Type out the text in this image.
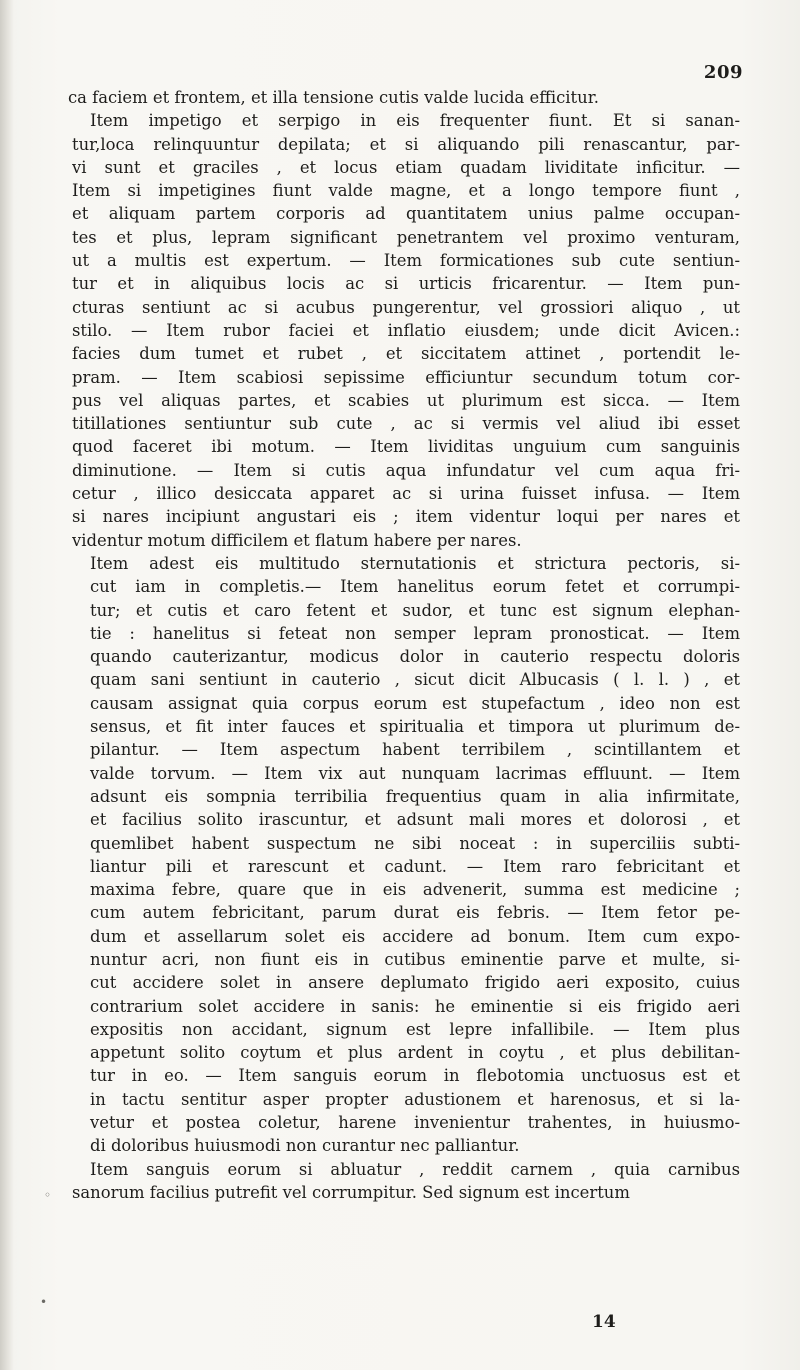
209
ca faciem et frontem, et illa tensione cutis valde lucida efficitur.
Item impetigo et serpigo in eis frequenter fiunt. Et si sanan-
tur,loca relinquuntur depilata; et si aliquando pili renascantur, par-
vi sunt et graciles , et locus etiam quadam lividitate inficitur. —
Item si impetigines fiunt valde magne, et a longo tempore fiunt ,
et aliquam partem corporis ad quantitatem unius palme occupan-
tes et plus, lepram significant penetrantem vel proximo venturam,
ut a multis est expertum. — Item formicationes sub cute sentiun-
tur et in aliquibus locis ac si urticis fricarentur. — Item pun-
cturas sentiunt ac si acubus pungerentur, vel grossiori aliquo , ut
stilo. — Item rubor faciei et inflatio eiusdem; unde dicit Avicen.:
facies dum tumet et rubet , et siccitatem attinet , portendit le-
pram. — Item scabiosi sepissime efficiuntur secundum totum cor-
pus vel aliquas partes, et scabies ut plurimum est sicca. — Item
titillationes sentiuntur sub cute , ac si vermis vel aliud ibi esset
quod faceret ibi motum. — Item lividitas unguium cum sanguinis
diminutione. — Item si cutis aqua infundatur vel cum aqua fri-
cetur , illico desiccata apparet ac si urina fuisset infusa. — Item
si nares incipiunt angustari eis ; item videntur loqui per nares et
videntur motum difficilem et flatum habere per nares.
Item adest eis multitudo sternutationis et strictura pectoris, si-
cut iam in completis.— Item hanelitus eorum fetet et corrumpi-
tur; et cutis et caro fetent et sudor, et tunc est signum elephan-
tie : hanelitus si feteat non semper lepram pronosticat. — Item
quando cauterizantur, modicus dolor in cauterio respectu doloris
quam sani sentiunt in cauterio , sicut dicit Albucasis ( l. l. ) , et
causam assignat quia corpus eorum est stupefactum , ideo non est
sensus, et fit inter fauces et spiritualia et timpora ut plurimum de-
pilantur. — Item aspectum habent terribilem , scintillantem et
valde torvum. — Item vix aut nunquam lacrimas effluunt. — Item
adsunt eis sompnia terribilia frequentius quam in alia infirmitate,
et facilius solito irascuntur, et adsunt mali mores et dolorosi , et
quemlibet habent suspectum ne sibi noceat : in superciliis subti-
liantur pili et rarescunt et cadunt. — Item raro febricitant et
maxima febre, quare que in eis advenerit, summa est medicine ;
cum autem febricitant, parum durat eis febris. — Item fetor pe-
dum et assellarum solet eis accidere ad bonum. Item cum expo-
nuntur acri, non fiunt eis in cutibus eminentie parve et multe, si-
cut accidere solet in ansere deplumato frigido aeri exposito, cuius
contrarium solet accidere in sanis: he eminentie si eis frigido aeri
expositis non accidant, signum est lepre infallibile. — Item plus
appetunt solito coytum et plus ardent in coytu , et plus debilitan-
tur in eo. — Item sanguis eorum in flebotomia unctuosus est et
in tactu sentitur asper propter adustionem et harenosus, et si la-
vetur et postea coletur, harene invenientur trahentes, in huiusmo-
di doloribus huiusmodi non curantur nec palliantur.
Item sanguis eorum si abluatur , reddit carnem , quia carnibus
sanorum facilius putrefit vel corrumpitur. Sed signum est incertum
14
◦
•
